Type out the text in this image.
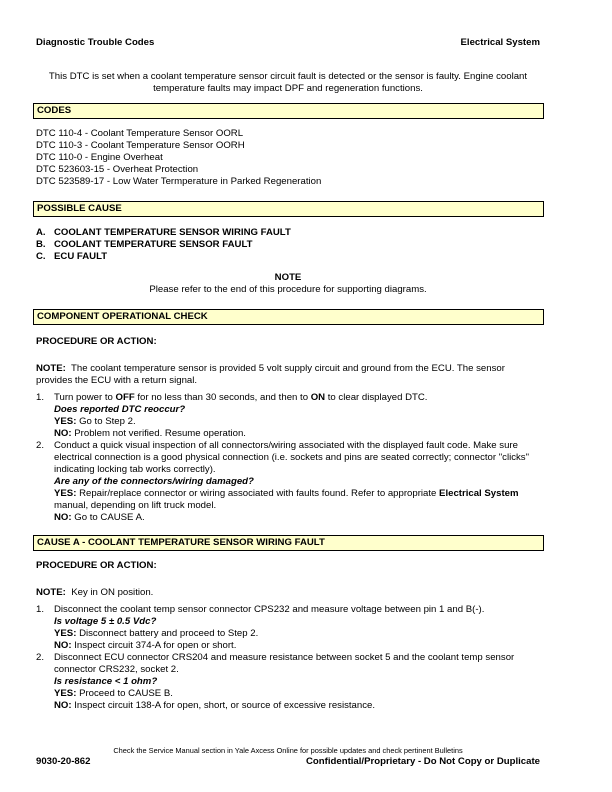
Diagnostic Trouble Codes	Electrical System
This DTC is set when a coolant temperature sensor circuit fault is detected or the sensor is faulty. Engine coolant temperature faults may impact DPF and regeneration functions.
CODES
DTC 110-4 - Coolant Temperature Sensor OORL
DTC 110-3 - Coolant Temperature Sensor OORH
DTC 110-0 - Engine Overheat
DTC 523603-15 - Overheat Protection
DTC 523589-17 - Low Water Termperature in Parked Regeneration
POSSIBLE CAUSE
A. COOLANT TEMPERATURE SENSOR WIRING FAULT
B. COOLANT TEMPERATURE SENSOR FAULT
C. ECU FAULT
NOTE
Please refer to the end of this procedure for supporting diagrams.
COMPONENT OPERATIONAL CHECK
PROCEDURE OR ACTION:
NOTE: The coolant temperature sensor is provided 5 volt supply circuit and ground from the ECU. The sensor provides the ECU with a return signal.
1. Turn power to OFF for no less than 30 seconds, and then to ON to clear displayed DTC.
Does reported DTC reoccur?
YES: Go to Step 2.
NO: Problem not verified. Resume operation.
2. Conduct a quick visual inspection of all connectors/wiring associated with the displayed fault code. Make sure electrical connection is a good physical connection (i.e. sockets and pins are seated correctly; connector "clicks" indicating locking tab works correctly).
Are any of the connectors/wiring damaged?
YES: Repair/replace connector or wiring associated with faults found. Refer to appropriate Electrical System manual, depending on lift truck model.
NO: Go to CAUSE A.
CAUSE A - COOLANT TEMPERATURE SENSOR WIRING FAULT
PROCEDURE OR ACTION:
NOTE: Key in ON position.
1. Disconnect the coolant temp sensor connector CPS232 and measure voltage between pin 1 and B(-).
Is voltage 5 ± 0.5 Vdc?
YES: Disconnect battery and proceed to Step 2.
NO: Inspect circuit 374-A for open or short.
2. Disconnect ECU connector CRS204 and measure resistance between socket 5 and the coolant temp sensor connector CRS232, socket 2.
Is resistance < 1 ohm?
YES: Proceed to CAUSE B.
NO: Inspect circuit 138-A for open, short, or source of excessive resistance.
Check the Service Manual section in Yale Axcess Online for possible updates and check pertinent Bulletins
9030-20-862	Confidential/Proprietary - Do Not Copy or Duplicate
